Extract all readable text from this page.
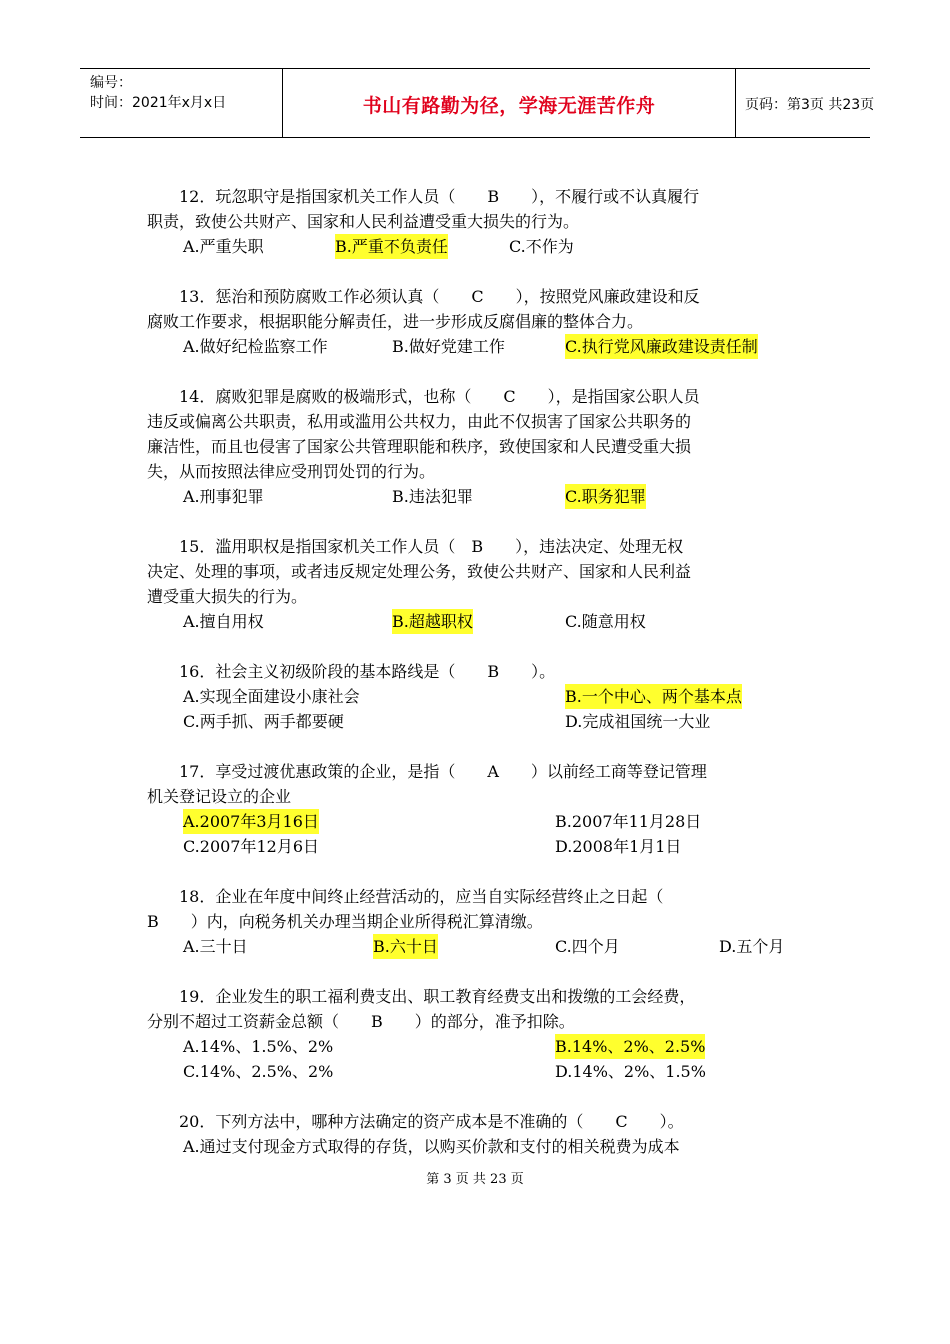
编号：
时间：2021年x月x日	书山有路勤为径，学海无涯苦作舟	页码：第3页 共23页
12．玩忽职守是指国家机关工作人员（　　B　　），不履行或不认真履行
职责，致使公共财产、国家和人民利益遭受重大损失的行为。
A.严重失职	B.严重不负责任	C.不作为
13．惩治和预防腐败工作必须认真（　　C　　），按照党风廉政建设和反
腐败工作要求，根据职能分解责任，进一步形成反腐倡廉的整体合力。
A.做好纪检监察工作	B.做好党建工作	C.执行党风廉政建设责任制
14．腐败犯罪是腐败的极端形式，也称（　　C　　），是指国家公职人员
违反或偏离公共职责，私用或滥用公共权力，由此不仅损害了国家公共职务的
廉洁性，而且也侵害了国家公共管理职能和秩序，致使国家和人民遭受重大损
失，从而按照法律应受刑罚处罚的行为。
A.刑事犯罪	B.违法犯罪	C.职务犯罪
15．滥用职权是指国家机关工作人员（　B　　），违法决定、处理无权
决定、处理的事项，或者违反规定处理公务，致使公共财产、国家和人民利益
遭受重大损失的行为。
A.擅自用权	B.超越职权	C.随意用权
16．社会主义初级阶段的基本路线是（　　B　　）。
A.实现全面建设小康社会	B.一个中心、两个基本点
C.两手抓、两手都要硬	D.完成祖国统一大业
17．享受过渡优惠政策的企业，是指（　　A　　）以前经工商等登记管理
机关登记设立的企业
A.2007年3月16日	B.2007年11月28日
C.2007年12月6日	D.2008年1月1日
18．企业在年度中间终止经营活动的，应当自实际经营终止之日起（
B　　）内，向税务机关办理当期企业所得税汇算清缴。
A.三十日	B.六十日	C.四个月	D.五个月
19．企业发生的职工福利费支出、职工教育经费支出和拨缴的工会经费，
分别不超过工资薪金总额（　　B　　）的部分，准予扣除。
A.14%、1.5%、2%	B.14%、2%、2.5%
C.14%、2.5%、2%	D.14%、2%、1.5%
20．下列方法中，哪种方法确定的资产成本是不准确的（　　C　　）。
A.通过支付现金方式取得的存货，以购买价款和支付的相关税费为成本
第 3 页 共 23 页
